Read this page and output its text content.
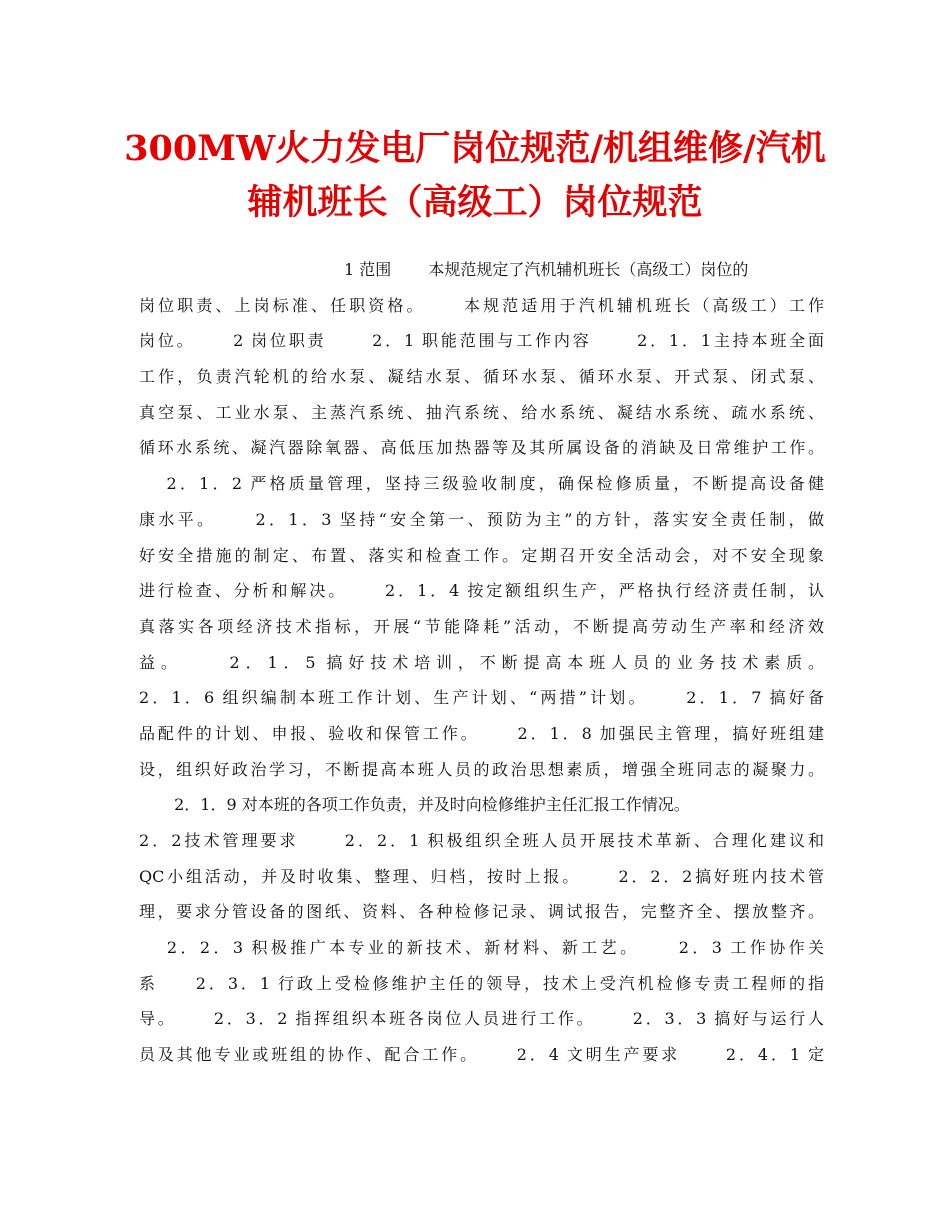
300MW火力发电厂岗位规范/机组维修/汽机
辅机班长（高级工）岗位规范
1 范围　　 本规范规定了汽机辅机班长（高级工）岗位的
岗位职责、上岗标准、任职资格。　　 本规范适用于汽机辅机班长（高级工）工作
岗位。　　 2 岗位职责　　 2．1 职能范围与工作内容　　 2．1．1主持本班全面
工作，负责汽轮机的给水泵、凝结水泵、循环水泵、循环水泵、开式泵、闭式泵、
真空泵、工业水泵、主蒸汽系统、抽汽系统、给水系统、凝结水系统、疏水系统、
循环水系统、凝汽器除氧器、高低压加热器等及其所属设备的消缺及日常维护工作。
　 2．1．2 严格质量管理，坚持三级验收制度，确保检修质量，不断提高设备健
康水平。　　 2．1．3 坚持“安全第一、预防为主”的方针，落实安全责任制，做
好安全措施的制定、布置、落实和检查工作。定期召开安全活动会，对不安全现象
进行检查、分析和解决。　　 2．1．4 按定额组织生产，严格执行经济责任制，认
真落实各项经济技术指标，开展“节能降耗”活动，不断提高劳动生产率和经济效
益。　　 2．1．5 搞好技术培训，不断提高本班人员的业务技术素质。
2．1．6 组织编制本班工作计划、生产计划、“两措”计划。　　 2．1．7 搞好备
品配件的计划、申报、验收和保管工作。　　 2．1．8 加强民主管理，搞好班组建
设，组织好政治学习，不断提高本班人员的政治思想素质，增强全班同志的凝聚力。
　 2．1．9 对本班的各项工作负责，并及时向检修维护主任汇报工作情况。
2．2技术管理要求　　 2．2．1 积极组织全班人员开展技术革新、合理化建议和
QC小组活动，并及时收集、整理、归档，按时上报。　　 2．2．2搞好班内技术管
理，要求分管设备的图纸、资料、各种检修记录、调试报告，完整齐全、摆放整齐。
　 2．2．3 积极推广本专业的新技术、新材料、新工艺。　　 2．3 工作协作关
系　　2．3．1 行政上受检修维护主任的领导，技术上受汽机检修专责工程师的指
导。　　 2．3．2 指挥组织本班各岗位人员进行工作。　　 2．3．3 搞好与运行人
员及其他专业或班组的协作、配合工作。　　 2．4 文明生产要求　　 2．4．1 定
